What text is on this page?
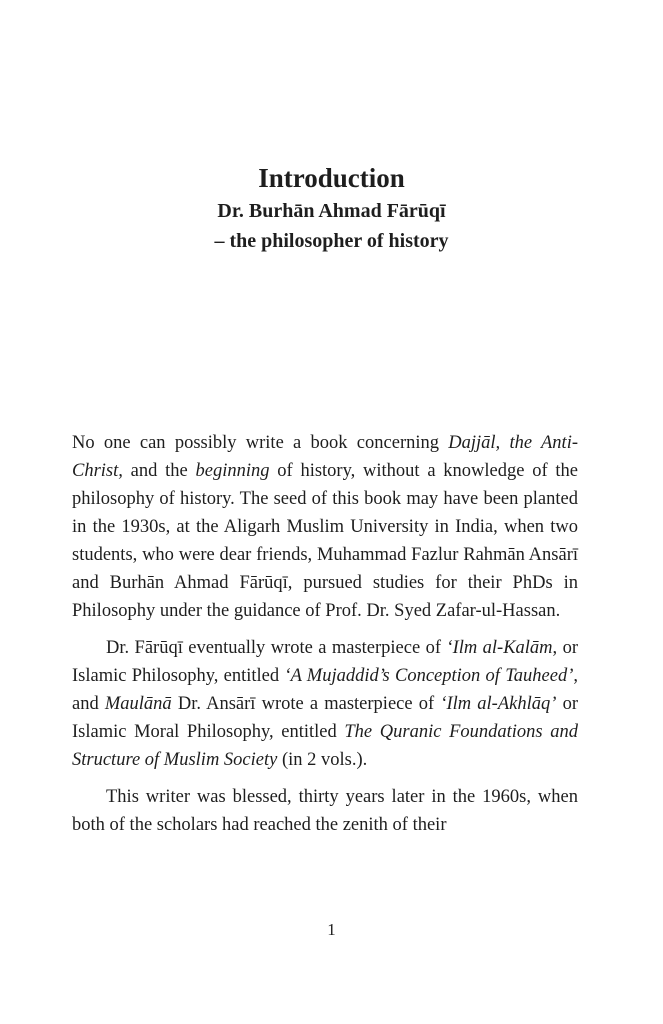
Introduction
Dr. Burhān Ahmad Fārūqī
– the philosopher of history

No one can possibly write a book concerning Dajjāl, the Anti-Christ, and the beginning of history, without a knowledge of the philosophy of history. The seed of this book may have been planted in the 1930s, at the Aligarh Muslim University in India, when two students, who were dear friends, Muhammad Fazlur Rahmān Ansārī and Burhān Ahmad Fārūqī, pursued studies for their PhDs in Philosophy under the guidance of Prof. Dr. Syed Zafar-ul-Hassan.

Dr. Fārūqī eventually wrote a masterpiece of ‘Ilm al-Kalām, or Islamic Philosophy, entitled ‘A Mujaddid’s Conception of Tauheed’, and Maulānā Dr. Ansārī wrote a masterpiece of ‘Ilm al-Akhlāq’ or Islamic Moral Philosophy, entitled The Quranic Foundations and Structure of Muslim Society (in 2 vols.).

This writer was blessed, thirty years later in the 1960s, when both of the scholars had reached the zenith of their

1
